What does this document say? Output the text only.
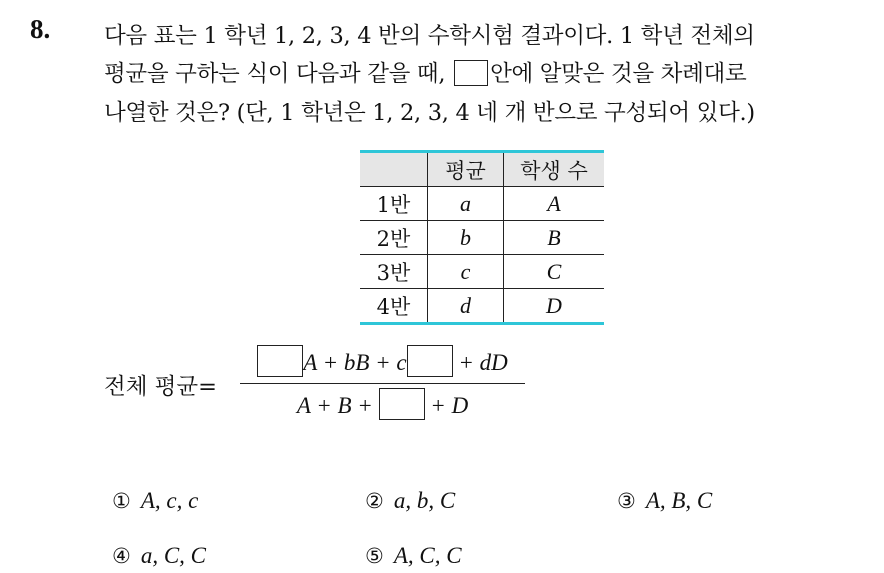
8. 다음 표는 1 학년 1, 2, 3, 4 반의 수학시험 결과이다. 1 학년 전체의
평균을 구하는 식이 다음과 같을 때, 안에 알맞은 것을 차례대로
나열한 것은? (단, 1 학년은 1, 2, 3, 4 네 개 반으로 구성되어 있다.)
	평균	학생 수
1반	a	A
2반	b	B
3반	c	C
4반	d	D
전체 평균=
A + bB + c + dD
A + B +  + D
① A, c, c	② a, b, C	③ A, B, C
④ a, C, C	⑤ A, C, C
